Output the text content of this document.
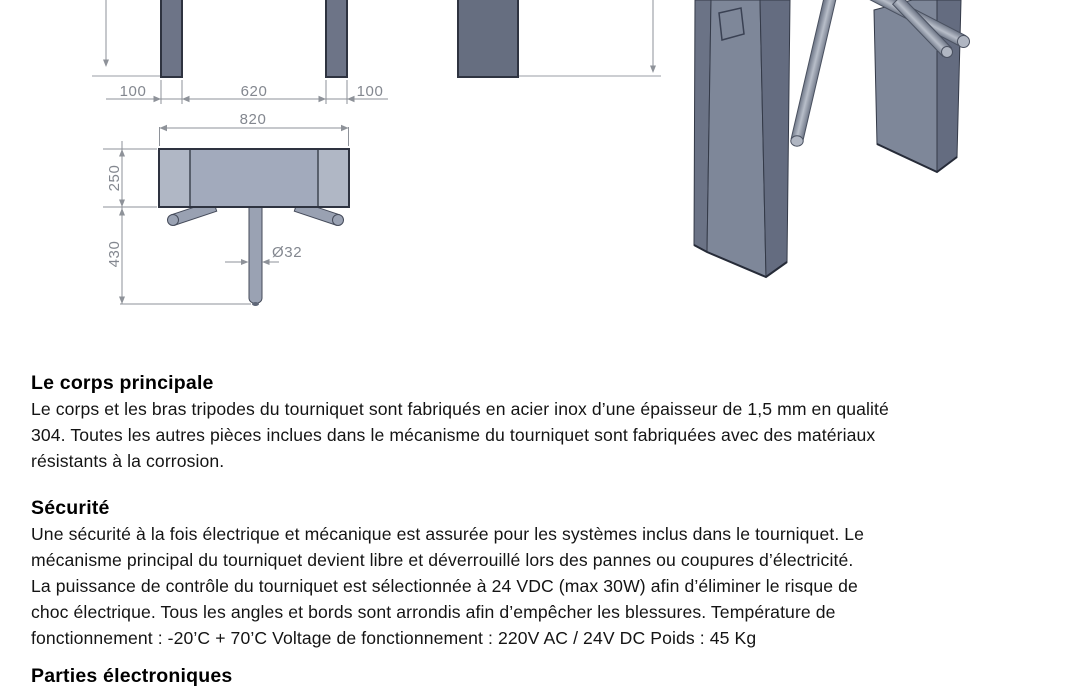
100	620	100
820
250
430	Ø32
Le corps principale
Le corps et les bras tripodes du tourniquet sont fabriqués en acier inox d’une épaisseur de 1,5 mm en qualité
304. Toutes les autres pièces inclues dans le mécanisme du tourniquet sont fabriquées avec des matériaux
résistants à la corrosion.
Sécurité
Une sécurité à la fois électrique et mécanique est assurée pour les systèmes inclus dans le tourniquet. Le
mécanisme principal du tourniquet devient libre et déverrouillé lors des pannes ou coupures d’électricité.
La puissance de contrôle du tourniquet est sélectionnée à 24 VDC (max 30W) afin d’éliminer le risque de
choc électrique. Tous les angles et bords sont arrondis afin d’empêcher les blessures. Température de
fonctionnement : -20’C + 70’C Voltage de fonctionnement : 220V AC / 24V DC Poids : 45 Kg
Parties électroniques
